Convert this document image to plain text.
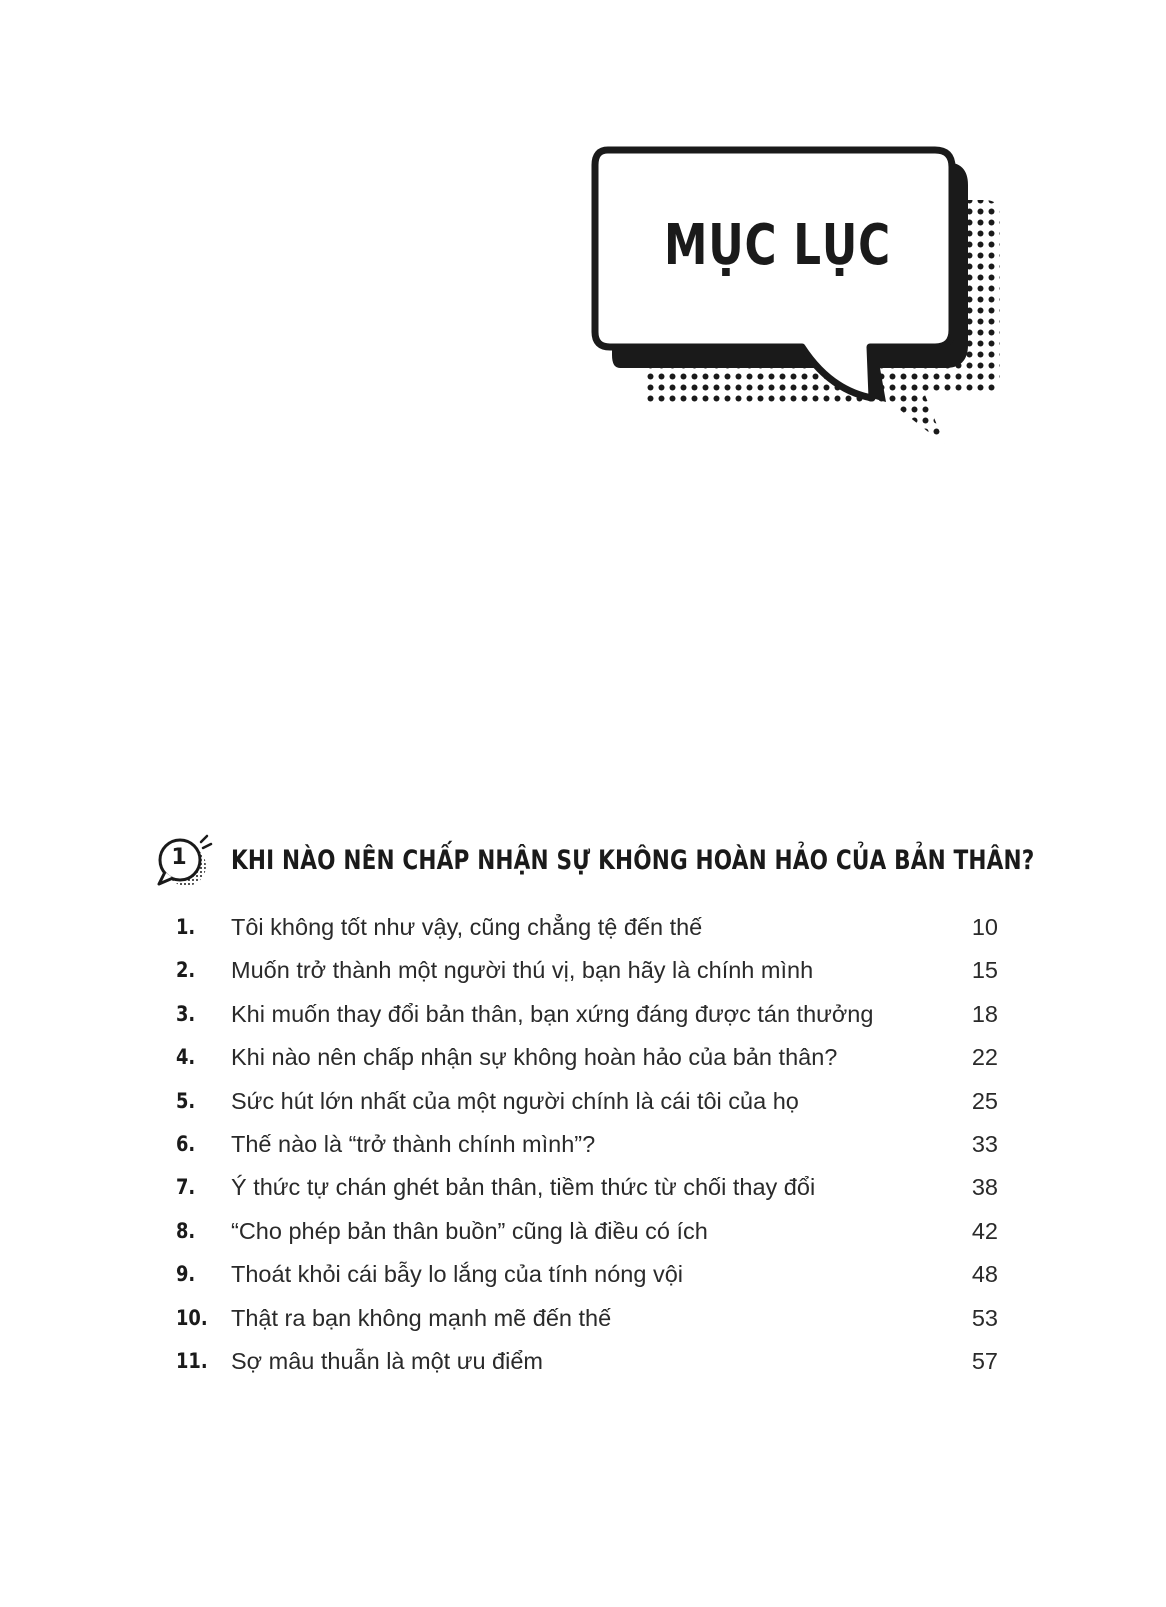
MỤC LỤC
1	KHI NÀO NÊN CHẤP NHẬN SỰ KHÔNG HOÀN HẢO CỦA BẢN THÂN?
1. Tôi không tốt như vậy, cũng chẳng tệ đến thế	10
2. Muốn trở thành một người thú vị, bạn hãy là chính mình	15
3. Khi muốn thay đổi bản thân, bạn xứng đáng được tán thưởng	18
4. Khi nào nên chấp nhận sự không hoàn hảo của bản thân?	22
5. Sức hút lớn nhất của một người chính là cái tôi của họ	25
6. Thế nào là “trở thành chính mình”?	33
7. Ý thức tự chán ghét bản thân, tiềm thức từ chối thay đổi	38
8. “Cho phép bản thân buồn” cũng là điều có ích	42
9. Thoát khỏi cái bẫy lo lắng của tính nóng vội	48
10. Thật ra bạn không mạnh mẽ đến thế	53
11. Sợ mâu thuẫn là một ưu điểm	57
